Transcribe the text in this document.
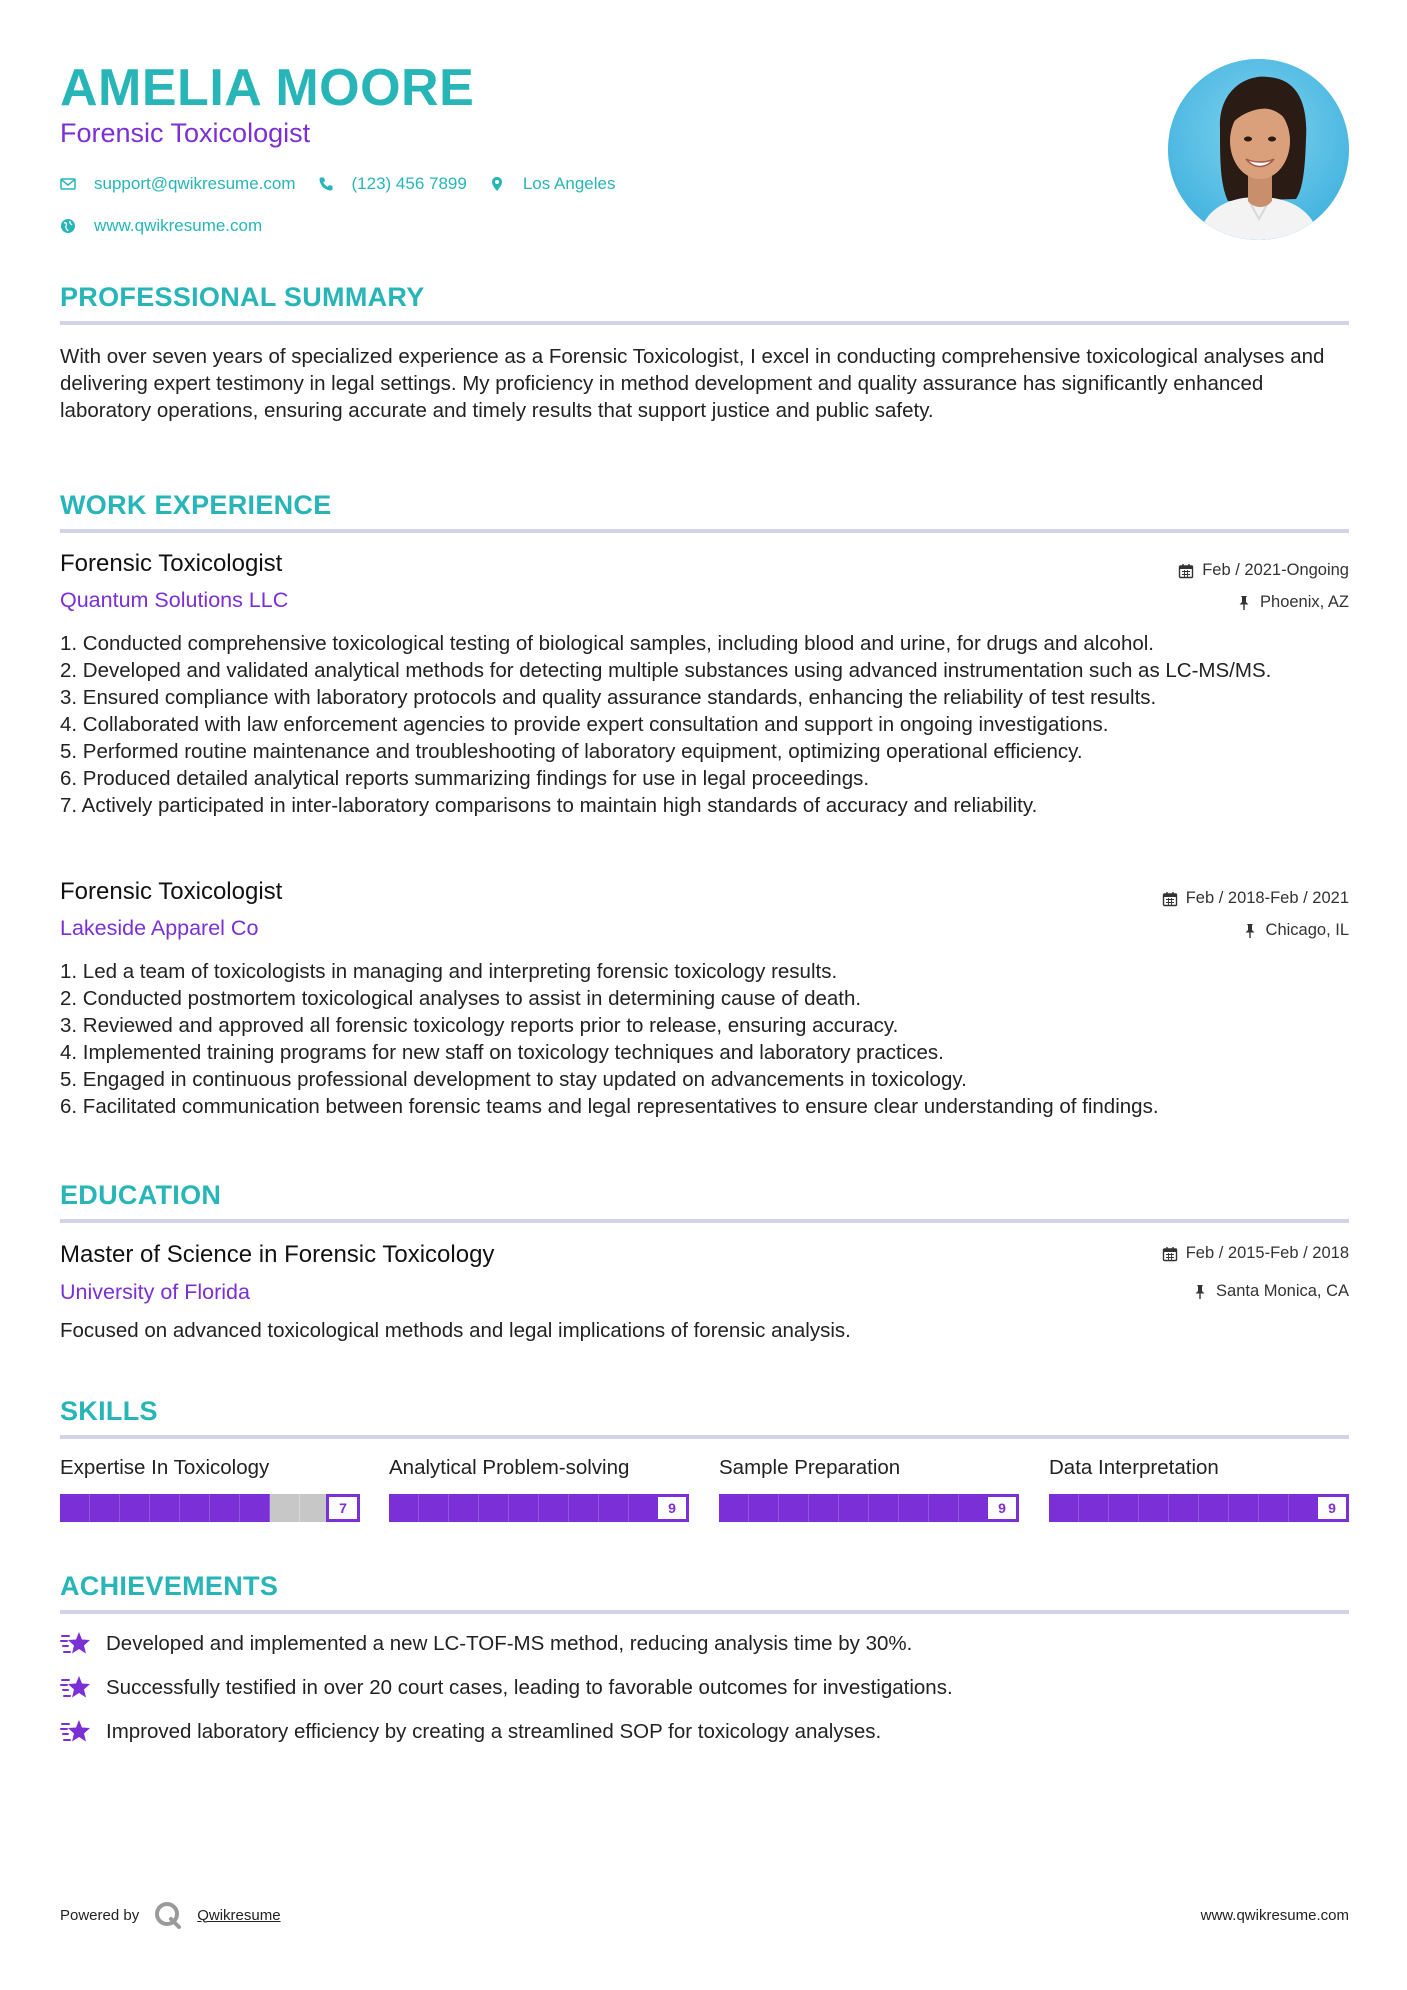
AMELIA MOORE
Forensic Toxicologist
support@qwikresume.com	(123) 456 7899	Los Angeles
www.qwikresume.com
PROFESSIONAL SUMMARY
With over seven years of specialized experience as a Forensic Toxicologist, I excel in conducting comprehensive toxicological analyses and delivering expert testimony in legal settings. My proficiency in method development and quality assurance has significantly enhanced laboratory operations, ensuring accurate and timely results that support justice and public safety.
WORK EXPERIENCE
Forensic Toxicologist	Feb / 2021-Ongoing
Quantum Solutions LLC	Phoenix, AZ
1. Conducted comprehensive toxicological testing of biological samples, including blood and urine, for drugs and alcohol.
2. Developed and validated analytical methods for detecting multiple substances using advanced instrumentation such as LC-MS/MS.
3. Ensured compliance with laboratory protocols and quality assurance standards, enhancing the reliability of test results.
4. Collaborated with law enforcement agencies to provide expert consultation and support in ongoing investigations.
5. Performed routine maintenance and troubleshooting of laboratory equipment, optimizing operational efficiency.
6. Produced detailed analytical reports summarizing findings for use in legal proceedings.
7. Actively participated in inter-laboratory comparisons to maintain high standards of accuracy and reliability.
Forensic Toxicologist	Feb / 2018-Feb / 2021
Lakeside Apparel Co	Chicago, IL
1. Led a team of toxicologists in managing and interpreting forensic toxicology results.
2. Conducted postmortem toxicological analyses to assist in determining cause of death.
3. Reviewed and approved all forensic toxicology reports prior to release, ensuring accuracy.
4. Implemented training programs for new staff on toxicology techniques and laboratory practices.
5. Engaged in continuous professional development to stay updated on advancements in toxicology.
6. Facilitated communication between forensic teams and legal representatives to ensure clear understanding of findings.
EDUCATION
Master of Science in Forensic Toxicology	Feb / 2015-Feb / 2018
University of Florida	Santa Monica, CA
Focused on advanced toxicological methods and legal implications of forensic analysis.
SKILLS
Expertise In Toxicology
7
Analytical Problem-solving
9
Sample Preparation
9
Data Interpretation
9
ACHIEVEMENTS
Developed and implemented a new LC-TOF-MS method, reducing analysis time by 30%.
Successfully testified in over 20 court cases, leading to favorable outcomes for investigations.
Improved laboratory efficiency by creating a streamlined SOP for toxicology analyses.
Powered by	Qwikresume	www.qwikresume.com
